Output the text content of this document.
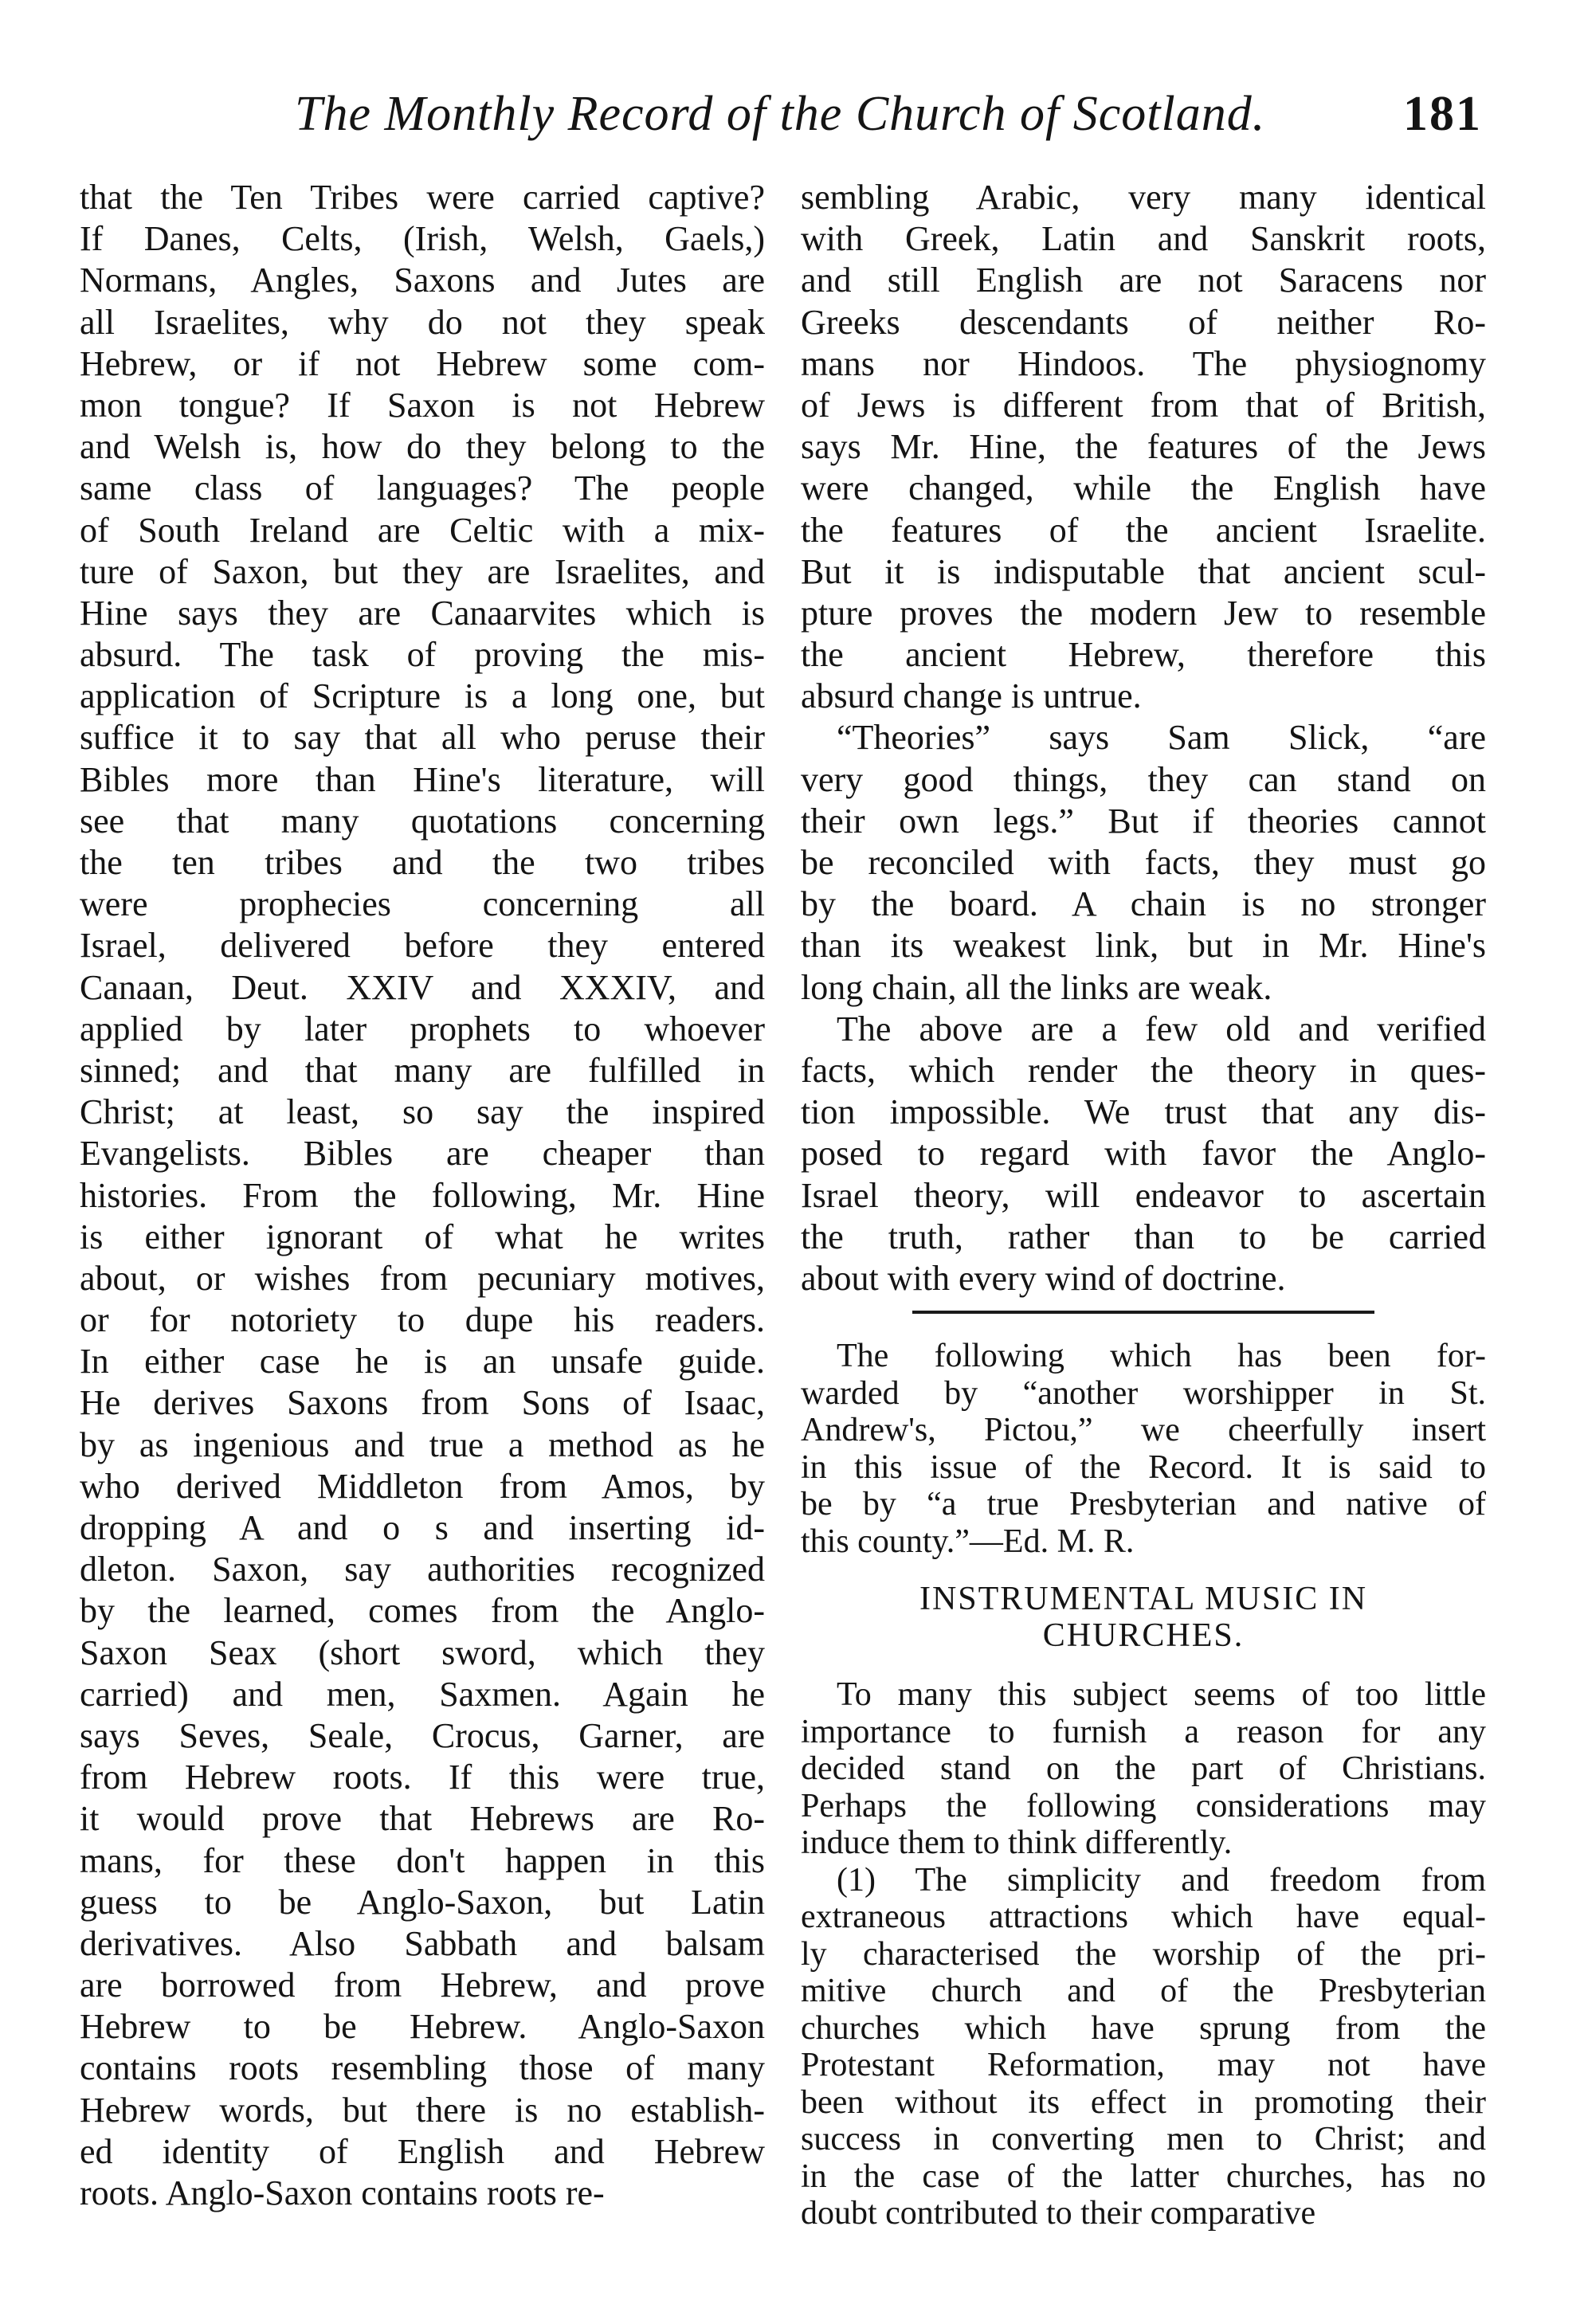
The Monthly Record of the Church of Scotland.	181
that the Ten Tribes were carried captive?
If Danes, Celts, (Irish, Welsh, Gaels,)
Normans, Angles, Saxons and Jutes are
all Israelites, why do not they speak
Hebrew, or if not Hebrew some com-
mon tongue? If Saxon is not Hebrew
and Welsh is, how do they belong to the
same class of languages? The people
of South Ireland are Celtic with a mix-
ture of Saxon, but they are Israelites, and
Hine says they are Canaarvites which is
absurd. The task of proving the mis-
application of Scripture is a long one, but
suffice it to say that all who peruse their
Bibles more than Hine's literature, will
see that many quotations concerning
the ten tribes and the two tribes
were prophecies concerning all
Israel, delivered before they entered
Canaan, Deut. XXIV and XXXIV, and
applied by later prophets to whoever
sinned; and that many are fulfilled in
Christ; at least, so say the inspired
Evangelists. Bibles are cheaper than
histories. From the following, Mr. Hine
is either ignorant of what he writes
about, or wishes from pecuniary motives,
or for notoriety to dupe his readers.
In either case he is an unsafe guide.
He derives Saxons from Sons of Isaac,
by as ingenious and true a method as he
who derived Middleton from Amos, by
dropping A and o s and inserting id-
dleton. Saxon, say authorities recognized
by the learned, comes from the Anglo-
Saxon Seax (short sword, which they
carried) and men, Saxmen. Again he
says Seves, Seale, Crocus, Garner, are
from Hebrew roots. If this were true,
it would prove that Hebrews are Ro-
mans, for these don't happen in this
guess to be Anglo-Saxon, but Latin
derivatives. Also Sabbath and balsam
are borrowed from Hebrew, and prove
Hebrew to be Hebrew. Anglo-Saxon
contains roots resembling those of many
Hebrew words, but there is no establish-
ed identity of English and Hebrew
roots. Anglo-Saxon contains roots re-
sembling Arabic, very many identical
with Greek, Latin and Sanskrit roots,
and still English are not Saracens nor
Greeks descendants of neither Ro-
mans nor Hindoos. The physiognomy
of Jews is different from that of British,
says Mr. Hine, the features of the Jews
were changed, while the English have
the features of the ancient Israelite.
But it is indisputable that ancient scul-
pture proves the modern Jew to resemble
the ancient Hebrew, therefore this
absurd change is untrue.
“Theories” says Sam Slick, “are
very good things, they can stand on
their own legs.” But if theories cannot
be reconciled with facts, they must go
by the board. A chain is no stronger
than its weakest link, but in Mr. Hine's
long chain, all the links are weak.
The above are a few old and verified
facts, which render the theory in ques-
tion impossible. We trust that any dis-
posed to regard with favor the Anglo-
Israel theory, will endeavor to ascertain
the truth, rather than to be carried
about with every wind of doctrine.
The following which has been for-
warded by “another worshipper in St.
Andrew's, Pictou,” we cheerfully insert
in this issue of the Record. It is said to
be by “a true Presbyterian and native of
this county.”—Ed. M. R.
INSTRUMENTAL MUSIC IN
CHURCHES.
To many this subject seems of too little
importance to furnish a reason for any
decided stand on the part of Christians.
Perhaps the following considerations may
induce them to think differently.
(1) The simplicity and freedom from
extraneous attractions which have equal-
ly characterised the worship of the pri-
mitive church and of the Presbyterian
churches which have sprung from the
Protestant Reformation, may not have
been without its effect in promoting their
success in converting men to Christ; and
in the case of the latter churches, has no
doubt contributed to their comparative
